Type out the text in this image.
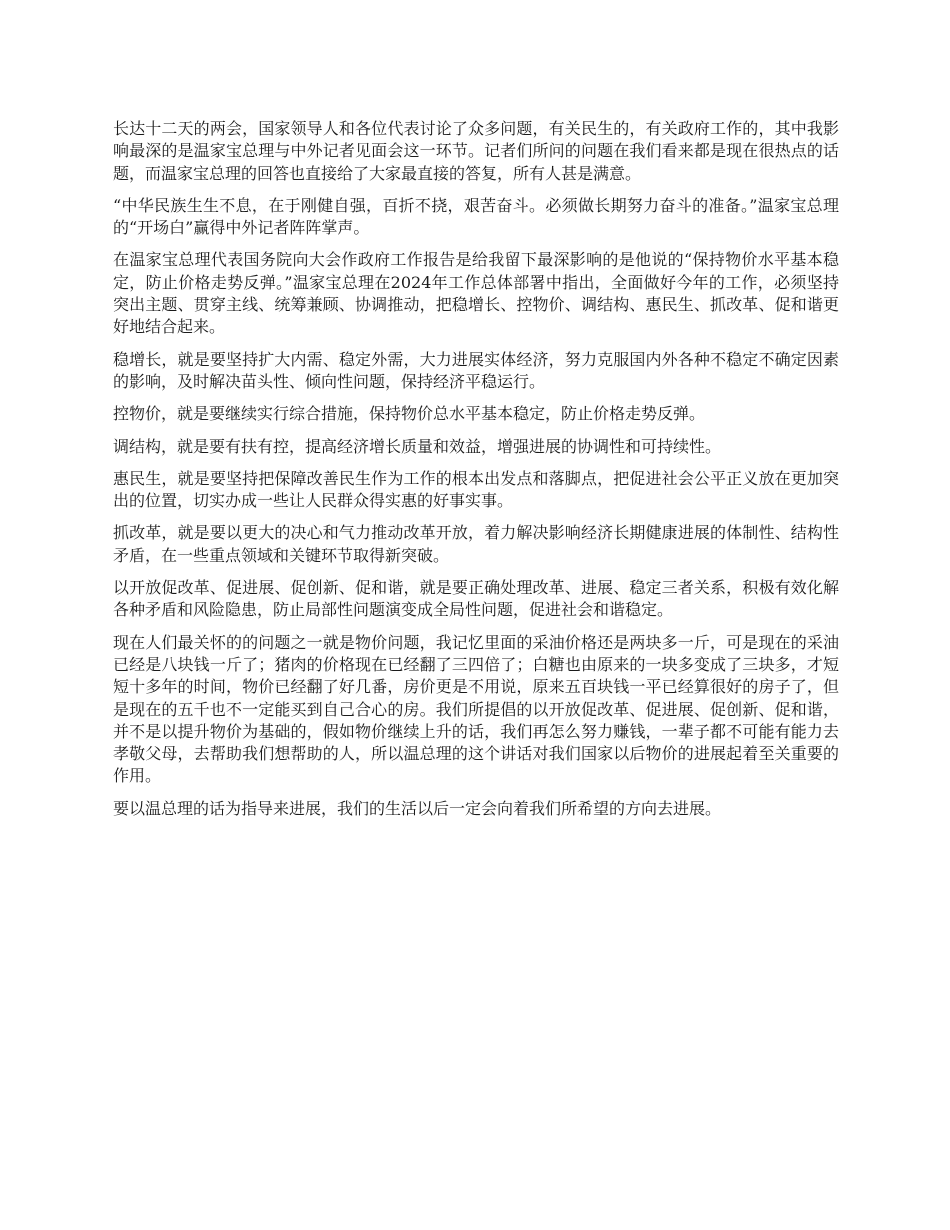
长达十二天的两会，国家领导人和各位代表讨论了众多问题，有关民生的，有关政府工作的，其中我影响最深的是温家宝总理与中外记者见面会这一环节。记者们所问的问题在我们看来都是现在很热点的话题，而温家宝总理的回答也直接给了大家最直接的答复，所有人甚是满意。

“中华民族生生不息，在于刚健自强，百折不挠，艰苦奋斗。必须做长期努力奋斗的准备。”温家宝总理的“开场白”赢得中外记者阵阵掌声。

在温家宝总理代表国务院向大会作政府工作报告是给我留下最深影响的是他说的“保持物价水平基本稳定，防止价格走势反弹。”温家宝总理在2024年工作总体部署中指出，全面做好今年的工作，必须坚持突出主题、贯穿主线、统筹兼顾、协调推动，把稳增长、控物价、调结构、惠民生、抓改革、促和谐更好地结合起来。

稳增长，就是要坚持扩大内需、稳定外需，大力进展实体经济，努力克服国内外各种不稳定不确定因素的影响，及时解决苗头性、倾向性问题，保持经济平稳运行。

控物价，就是要继续实行综合措施，保持物价总水平基本稳定，防止价格走势反弹。

调结构，就是要有扶有控，提高经济增长质量和效益，增强进展的协调性和可持续性。

惠民生，就是要坚持把保障改善民生作为工作的根本出发点和落脚点，把促进社会公平正义放在更加突出的位置，切实办成一些让人民群众得实惠的好事实事。

抓改革，就是要以更大的决心和气力推动改革开放，着力解决影响经济长期健康进展的体制性、结构性矛盾，在一些重点领域和关键环节取得新突破。

以开放促改革、促进展、促创新、促和谐，就是要正确处理改革、进展、稳定三者关系，积极有效化解各种矛盾和风险隐患，防止局部性问题演变成全局性问题，促进社会和谐稳定。

现在人们最关怀的的问题之一就是物价问题，我记忆里面的采油价格还是两块多一斤，可是现在的采油已经是八块钱一斤了；猪肉的价格现在已经翻了三四倍了；白糖也由原来的一块多变成了三块多，才短短十多年的时间，物价已经翻了好几番，房价更是不用说，原来五百块钱一平已经算很好的房子了，但是现在的五千也不一定能买到自己合心的房。我们所提倡的以开放促改革、促进展、促创新、促和谐，并不是以提升物价为基础的，假如物价继续上升的话，我们再怎么努力赚钱，一辈子都不可能有能力去孝敬父母，去帮助我们想帮助的人，所以温总理的这个讲话对我们国家以后物价的进展起着至关重要的作用。

要以温总理的话为指导来进展，我们的生活以后一定会向着我们所希望的方向去进展。
